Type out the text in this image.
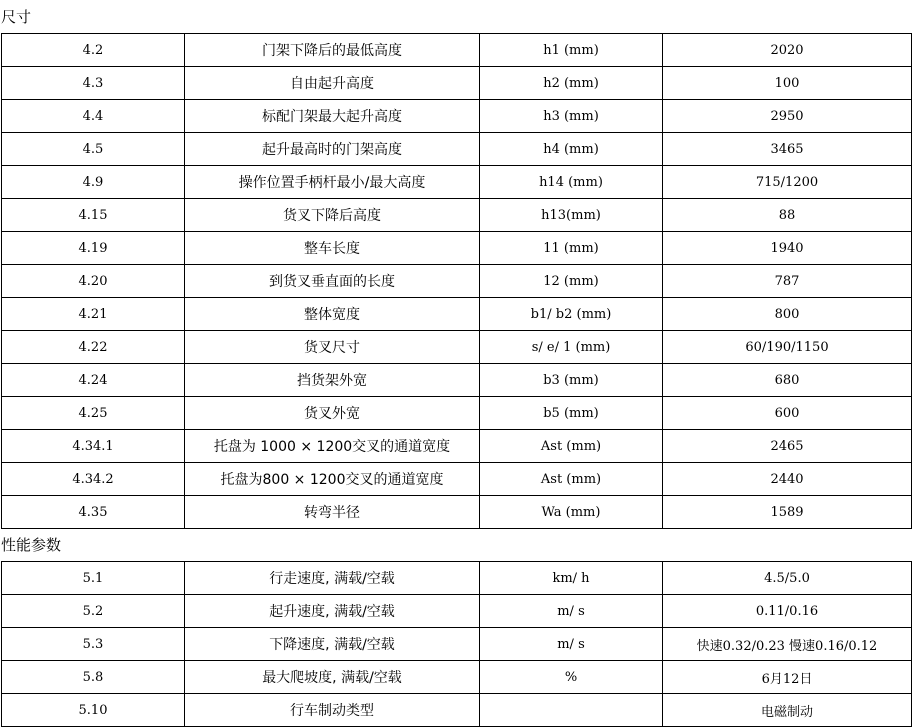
尺寸
4.2	门架下降后的最低高度	h1 (mm)	2020
4.3	自由起升高度	h2 (mm)	100
4.4	标配门架最大起升高度	h3 (mm)	2950
4.5	起升最高时的门架高度	h4 (mm)	3465
4.9	操作位置手柄杆最小/最大高度	h14 (mm)	715/1200
4.15	货叉下降后高度	h13(mm)	88
4.19	整车长度	11 (mm)	1940
4.20	到货叉垂直面的长度	12 (mm)	787
4.21	整体宽度	b1/ b2 (mm)	800
4.22	货叉尺寸	s/ e/ 1 (mm)	60/190/1150
4.24	挡货架外宽	b3 (mm)	680
4.25	货叉外宽	b5 (mm)	600
4.34.1	托盘为 1000 × 1200交叉的通道宽度	Ast (mm)	2465
4.34.2	托盘为800 × 1200交叉的通道宽度	Ast (mm)	2440
4.35	转弯半径	Wa (mm)	1589
性能参数
5.1	行走速度, 满载/空载	km/ h	4.5/5.0
5.2	起升速度, 满载/空载	m/ s	0.11/0.16
5.3	下降速度, 满载/空载	m/ s	快速0.32/0.23 慢速0.16/0.12
5.8	最大爬坡度, 满载/空载	%	6月12日
5.10	行车制动类型		电磁制动
